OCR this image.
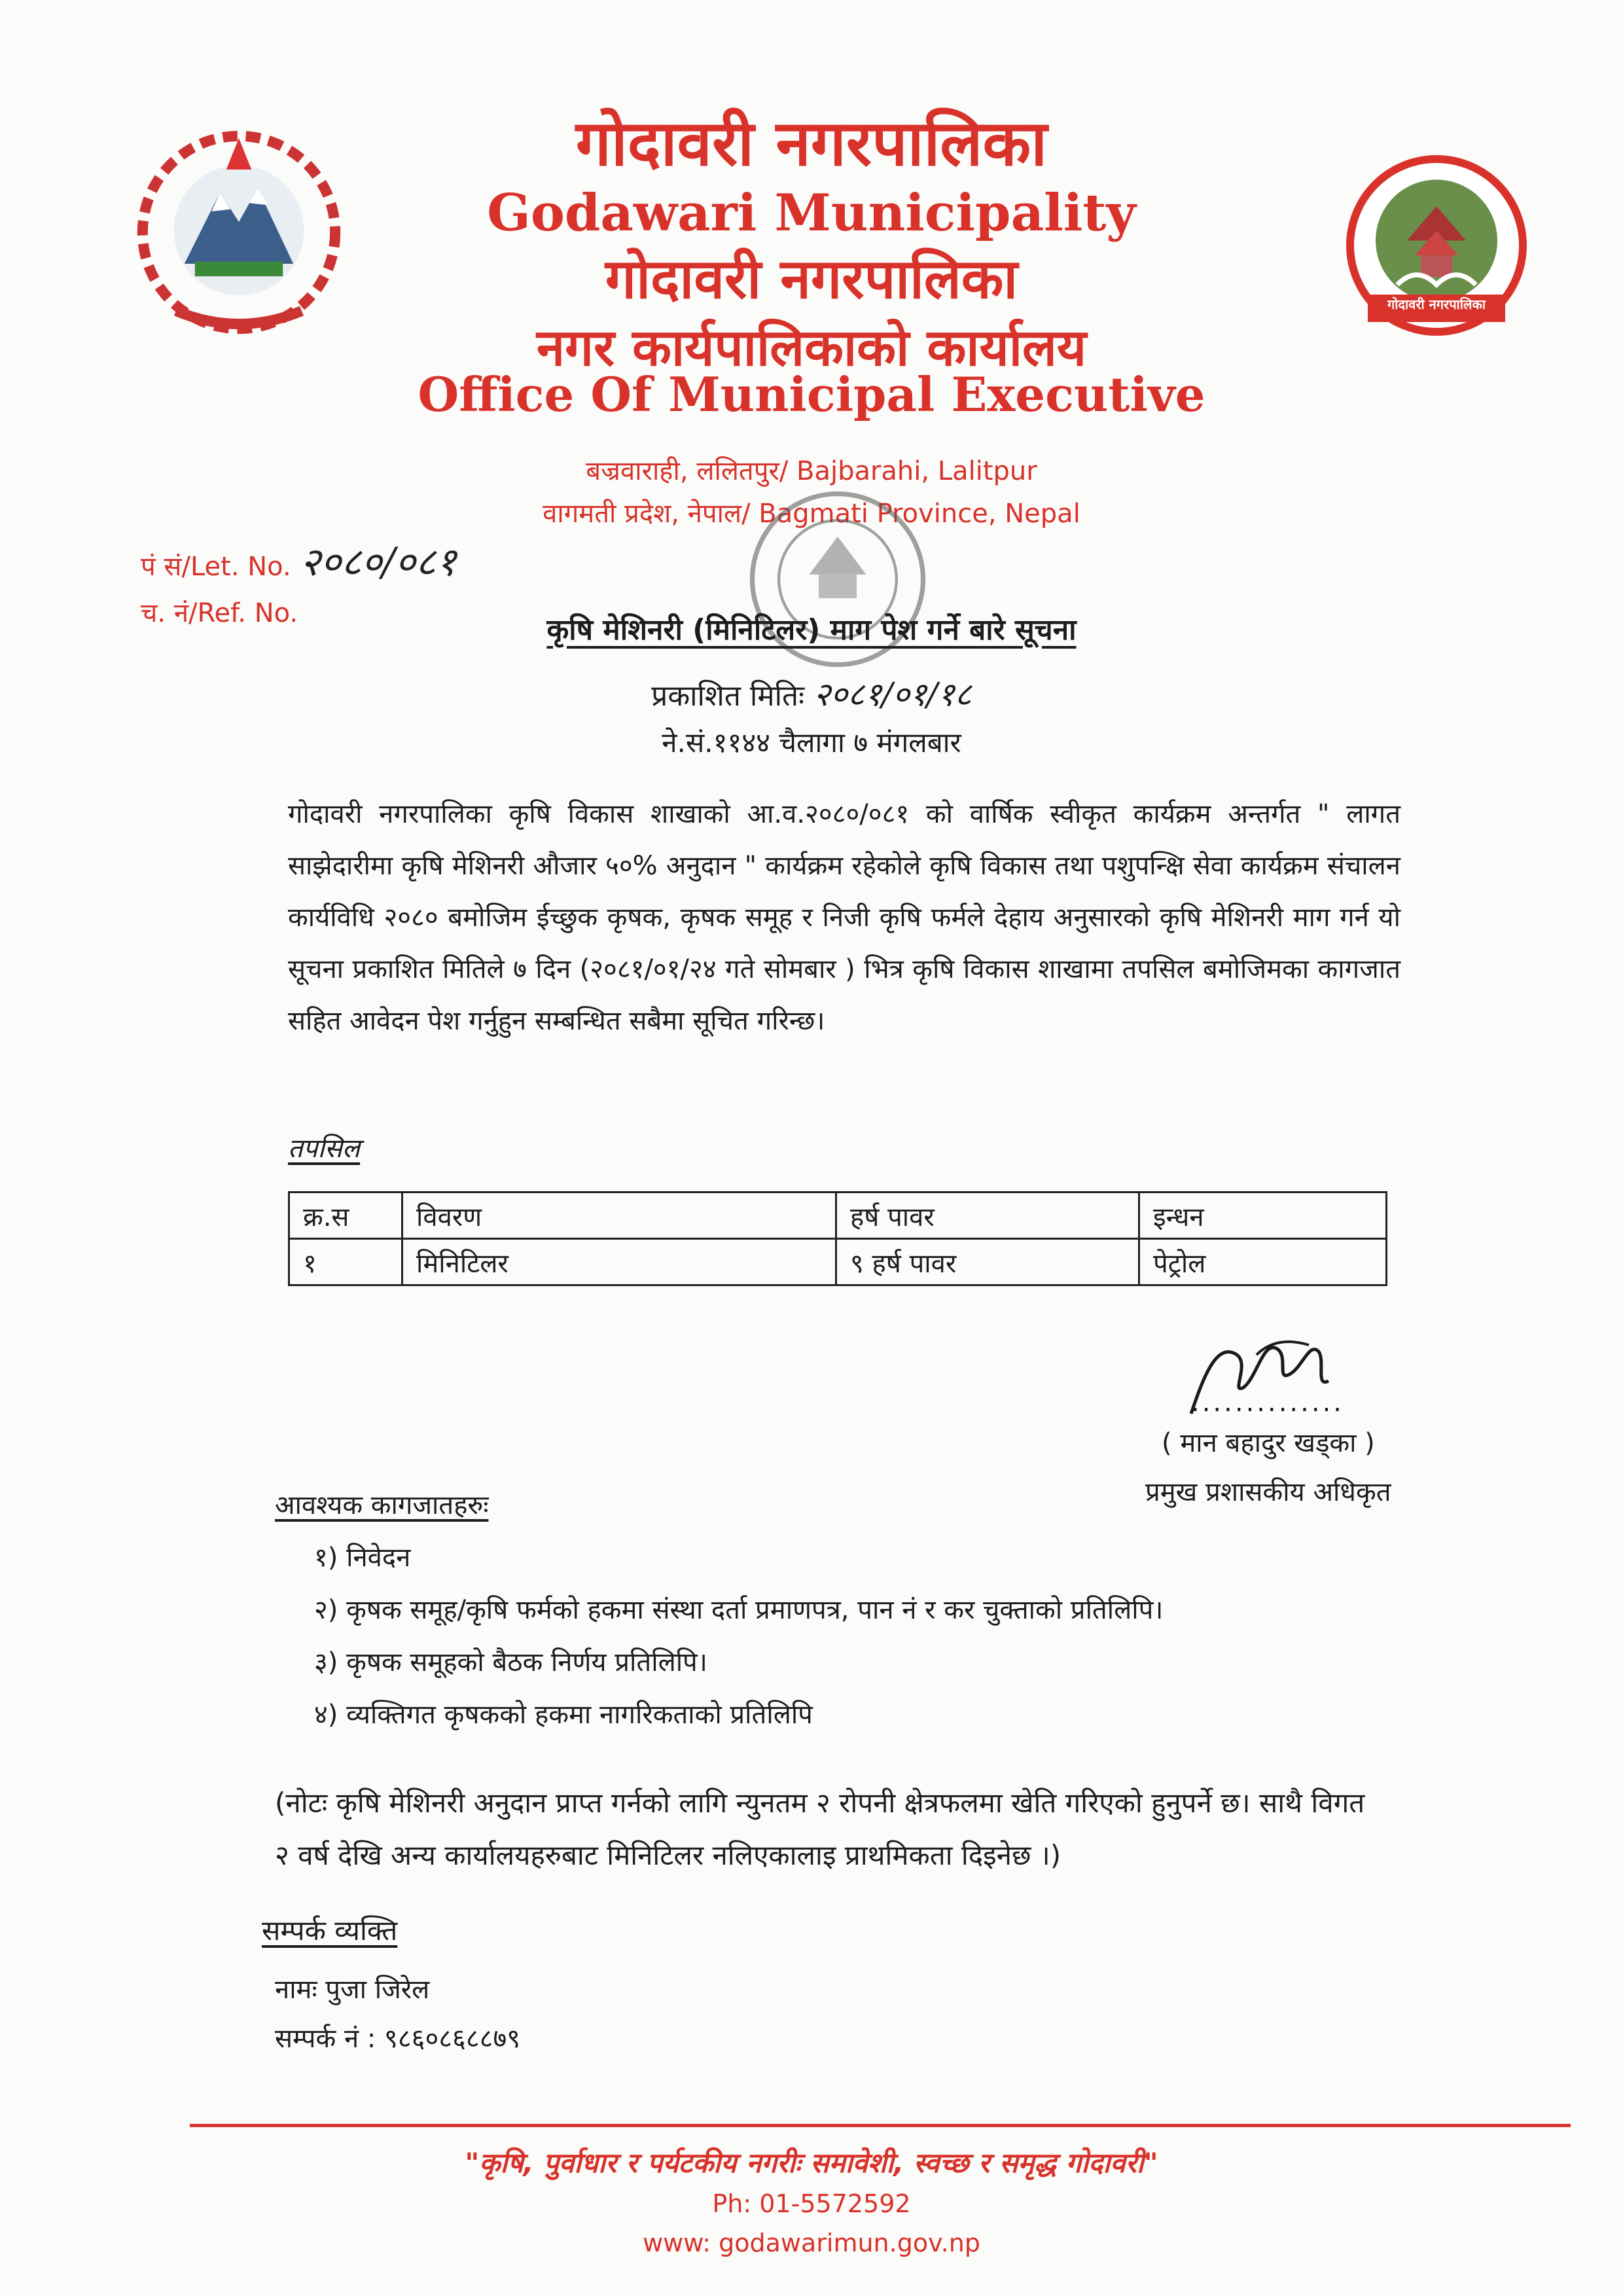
गोदावरी नगरपालिका
गोदावरी नगरपालिका
Godawari Municipality
गोदावरी नगरपालिका
नगर कार्यपालिकाको कार्यालय
Office Of Municipal Executive
बज्रवाराही, ललितपुर/ Bajbarahi, Lalitpur
वागमती प्रदेश, नेपाल/ Bagmati Province, Nepal
पं सं/Let. No. २०८०/०८१
च. नं/Ref. No.	कृषि मेशिनरी (मिनिटिलर) माग पेश गर्ने बारे सूचना
प्रकाशित मितिः २०८१/०१/१८
ने.सं.११४४ चैलागा ७ मंगलबार
गोदावरी नगरपालिका कृषि विकास शाखाको आ.व.२०८०/०८१ को वार्षिक स्वीकृत कार्यक्रम अन्तर्गत " लागत साझेदारीमा कृषि मेशिनरी औजार ५०% अनुदान " कार्यक्रम रहेकोले कृषि विकास तथा पशुपन्क्षि सेवा कार्यक्रम संचालन कार्यविधि २०८० बमोजिम ईच्छुक कृषक, कृषक समूह र निजी कृषि फर्मले देहाय अनुसारको कृषि मेशिनरी माग गर्न यो सूचना प्रकाशित मितिले ७ दिन (२०८१/०१/२४ गते सोमबार ) भित्र कृषि विकास शाखामा तपसिल बमोजिमका कागजात सहित आवेदन पेश गर्नुहुन सम्बन्धित सबैमा सूचित गरिन्छ।
तपसिल
क्र.स	विवरण	हर्ष पावर	इन्धन
१	मिनिटिलर	९ हर्ष पावर	पेट्रोल
..............
( मान बहादुर खड्का )
प्रमुख प्रशासकीय अधिकृत
आवश्यक कागजातहरुः
१) निवेदन
२) कृषक समूह/कृषि फर्मको हकमा संस्था दर्ता प्रमाणपत्र, पान नं र कर चुक्ताको प्रतिलिपि।
३) कृषक समूहको बैठक निर्णय प्रतिलिपि।
४) व्यक्तिगत कृषकको हकमा नागरिकताको प्रतिलिपि
(नोटः कृषि मेशिनरी अनुदान प्राप्त गर्नको लागि न्युनतम २ रोपनी क्षेत्रफलमा खेति गरिएको हुनुपर्ने छ। साथै विगत २ वर्ष देखि अन्य कार्यालयहरुबाट मिनिटिलर नलिएकालाइ प्राथमिकता दिइनेछ ।)
सम्पर्क व्यक्ति
नामः पुजा जिरेल
सम्पर्क नं : ९८६०८६८८७९
"कृषि, पुर्वाधार र पर्यटकीय नगरीः समावेशी, स्वच्छ र समृद्ध गोदावरी"
Ph: 01-5572592
www: godawarimun.gov.np
